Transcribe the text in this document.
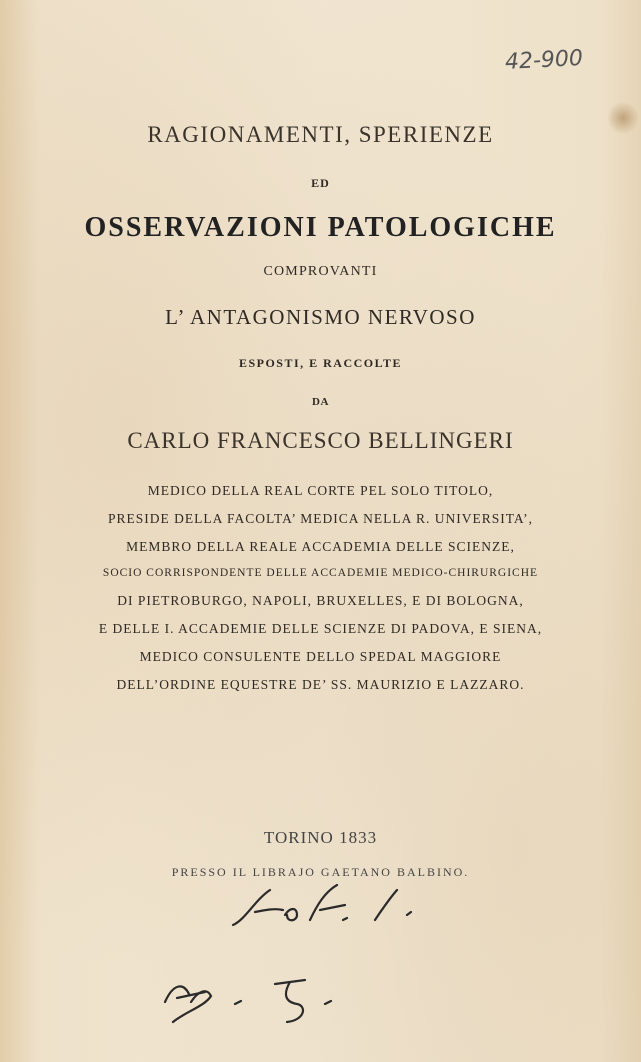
42-900
RAGIONAMENTI, SPERIENZE
ED
OSSERVAZIONI PATOLOGICHE
COMPROVANTI
L’ ANTAGONISMO NERVOSO
ESPOSTI, E RACCOLTE
DA
CARLO FRANCESCO BELLINGERI
MEDICO DELLA REAL CORTE PEL SOLO TITOLO,
PRESIDE DELLA FACOLTA’ MEDICA NELLA R. UNIVERSITA’,
MEMBRO DELLA REALE ACCADEMIA DELLE SCIENZE,
SOCIO CORRISPONDENTE DELLE ACCADEMIE MEDICO-CHIRURGICHE
DI PIETROBURGO, NAPOLI, BRUXELLES, E DI BOLOGNA,
E DELLE I. ACCADEMIE DELLE SCIENZE DI PADOVA, E SIENA,
MEDICO CONSULENTE DELLO SPEDAL MAGGIORE
DELL’ORDINE EQUESTRE DE’ SS. MAURIZIO E LAZZARO.
TORINO 1833
PRESSO IL LIBRAJO GAETANO BALBINO.
